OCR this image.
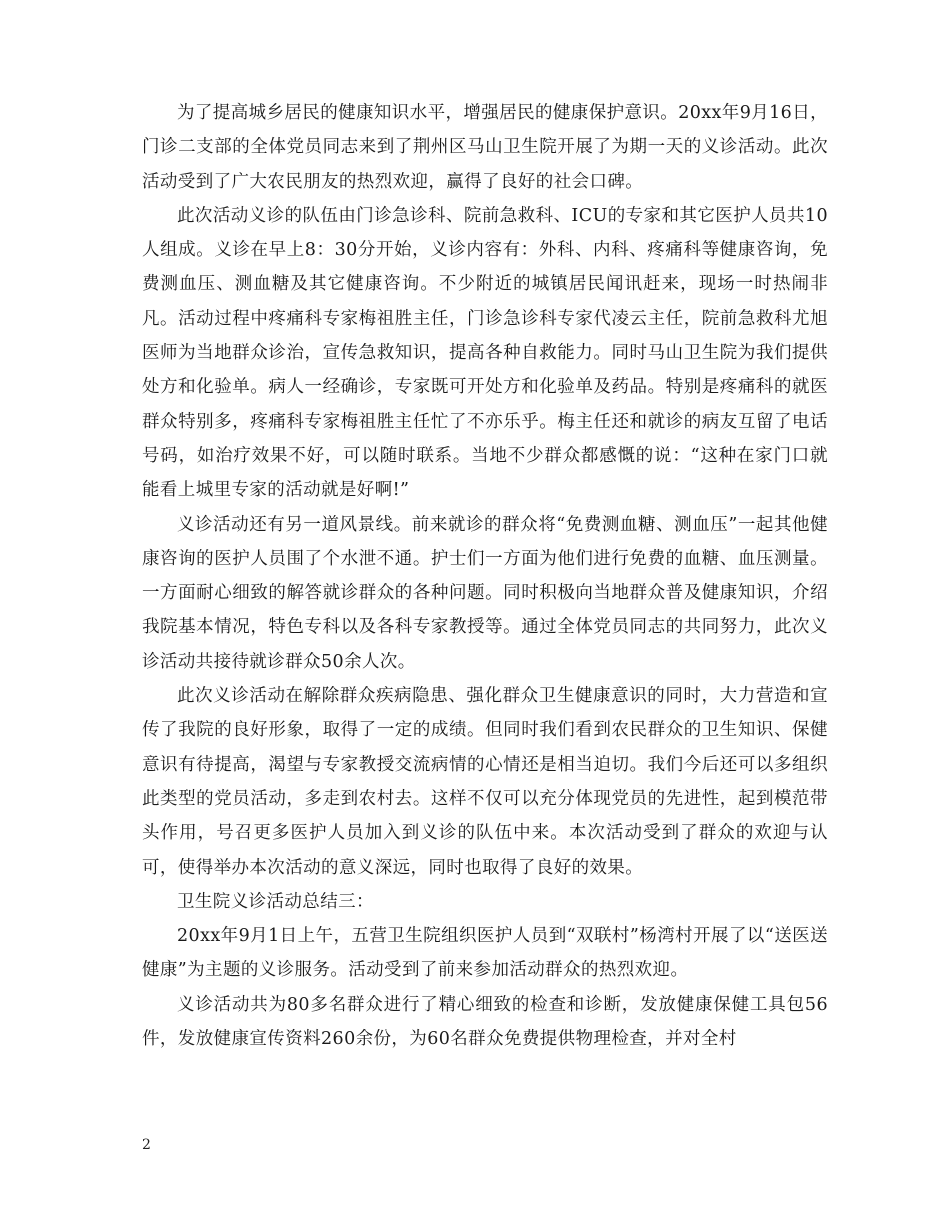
为了提高城乡居民的健康知识水平，增强居民的健康保护意识。20xx年9月16日，门诊二支部的全体党员同志来到了荆州区马山卫生院开展了为期一天的义诊活动。此次活动受到了广大农民朋友的热烈欢迎，赢得了良好的社会口碑。

此次活动义诊的队伍由门诊急诊科、院前急救科、ICU的专家和其它医护人员共10人组成。义诊在早上8：30分开始，义诊内容有：外科、内科、疼痛科等健康咨询，免费测血压、测血糖及其它健康咨询。不少附近的城镇居民闻讯赶来，现场一时热闹非凡。活动过程中疼痛科专家梅祖胜主任，门诊急诊科专家代凌云主任，院前急救科尤旭医师为当地群众诊治，宣传急救知识，提高各种自救能力。同时马山卫生院为我们提供处方和化验单。病人一经确诊，专家既可开处方和化验单及药品。特别是疼痛科的就医群众特别多，疼痛科专家梅祖胜主任忙了不亦乐乎。梅主任还和就诊的病友互留了电话号码，如治疗效果不好，可以随时联系。当地不少群众都感慨的说：“这种在家门口就能看上城里专家的活动就是好啊!”

义诊活动还有另一道风景线。前来就诊的群众将“免费测血糖、测血压”一起其他健康咨询的医护人员围了个水泄不通。护士们一方面为他们进行免费的血糖、血压测量。一方面耐心细致的解答就诊群众的各种问题。同时积极向当地群众普及健康知识，介绍我院基本情况，特色专科以及各科专家教授等。通过全体党员同志的共同努力，此次义诊活动共接待就诊群众50余人次。

此次义诊活动在解除群众疾病隐患、强化群众卫生健康意识的同时，大力营造和宣传了我院的良好形象，取得了一定的成绩。但同时我们看到农民群众的卫生知识、保健意识有待提高，渴望与专家教授交流病情的心情还是相当迫切。我们今后还可以多组织此类型的党员活动，多走到农村去。这样不仅可以充分体现党员的先进性，起到模范带头作用，号召更多医护人员加入到义诊的队伍中来。本次活动受到了群众的欢迎与认可，使得举办本次活动的意义深远，同时也取得了良好的效果。

卫生院义诊活动总结三：

20xx年9月1日上午，五营卫生院组织医护人员到“双联村”杨湾村开展了以“送医送健康”为主题的义诊服务。活动受到了前来参加活动群众的热烈欢迎。

义诊活动共为80多名群众进行了精心细致的检查和诊断，发放健康保健工具包56件，发放健康宣传资料260余份，为60名群众免费提供物理检查，并对全村

2
